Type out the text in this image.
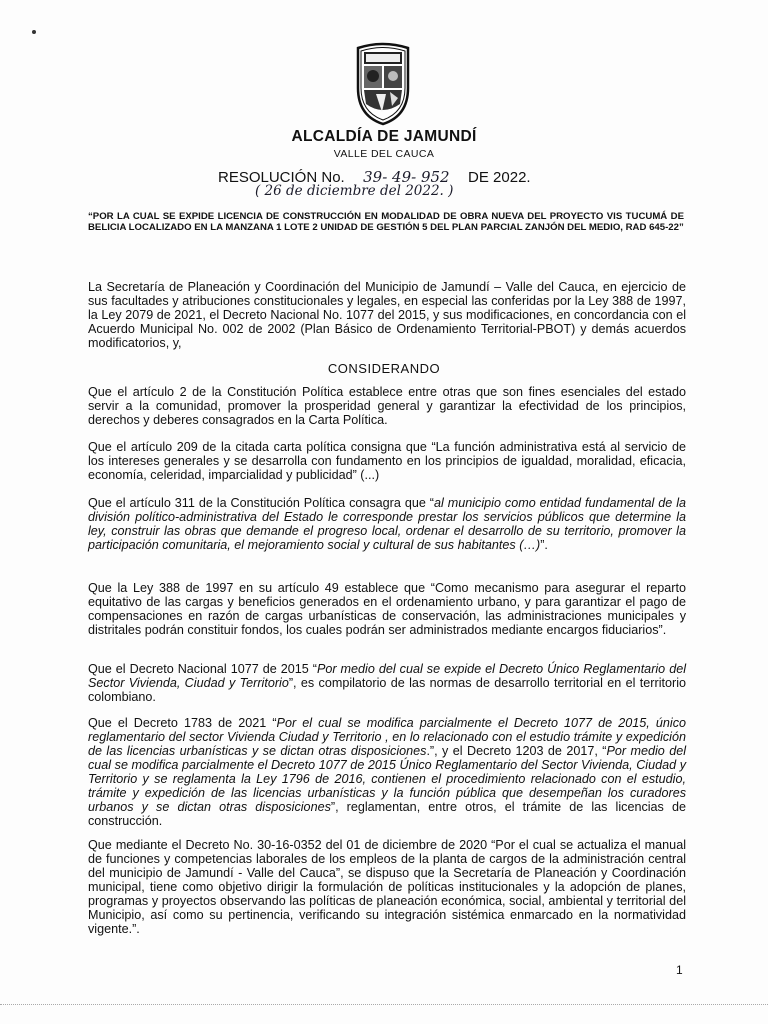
ALCALDÍA DE JAMUNDÍ
VALLE DEL CAUCA
RESOLUCIÓN No. 39- 49- 952 DE 2022.
( 26 de diciembre del 2022. )
“POR LA CUAL SE EXPIDE LICENCIA DE CONSTRUCCIÓN EN MODALIDAD DE OBRA NUEVA DEL PROYECTO VIS TUCUMÁ DE BELICIA LOCALIZADO EN LA MANZANA 1 LOTE 2 UNIDAD DE GESTIÓN 5 DEL PLAN PARCIAL ZANJÓN DEL MEDIO, RAD 645-22”
La Secretaría de Planeación y Coordinación del Municipio de Jamundí – Valle del Cauca, en ejercicio de sus facultades y atribuciones constitucionales y legales, en especial las conferidas por la Ley 388 de 1997, la Ley 2079 de 2021, el Decreto Nacional No. 1077 del 2015, y sus modificaciones, en concordancia con el Acuerdo Municipal No. 002 de 2002 (Plan Básico de Ordenamiento Territorial-PBOT) y demás acuerdos modificatorios, y,
CONSIDERANDO
Que el artículo 2 de la Constitución Política establece entre otras que son fines esenciales del estado servir a la comunidad, promover la prosperidad general y garantizar la efectividad de los principios, derechos y deberes consagrados en la Carta Política.
Que el artículo 209 de la citada carta política consigna que “La función administrativa está al servicio de los intereses generales y se desarrolla con fundamento en los principios de igualdad, moralidad, eficacia, economía, celeridad, imparcialidad y publicidad” (...)
Que el artículo 311 de la Constitución Política consagra que “al municipio como entidad fundamental de la división político-administrativa del Estado le corresponde prestar los servicios públicos que determine la ley, construir las obras que demande el progreso local, ordenar el desarrollo de su territorio, promover la participación comunitaria, el mejoramiento social y cultural de sus habitantes (…)”.
Que la Ley 388 de 1997 en su artículo 49 establece que “Como mecanismo para asegurar el reparto equitativo de las cargas y beneficios generados en el ordenamiento urbano, y para garantizar el pago de compensaciones en razón de cargas urbanísticas de conservación, las administraciones municipales y distritales podrán constituir fondos, los cuales podrán ser administrados mediante encargos fiduciarios”.
Que el Decreto Nacional 1077 de 2015 “Por medio del cual se expide el Decreto Único Reglamentario del Sector Vivienda, Ciudad y Territorio”, es compilatorio de las normas de desarrollo territorial en el territorio colombiano.
Que el Decreto 1783 de 2021 “Por el cual se modifica parcialmente el Decreto 1077 de 2015, único reglamentario del sector Vivienda Ciudad y Territorio , en lo relacionado con el estudio trámite y expedición de las licencias urbanísticas y se dictan otras disposiciones.”, y el Decreto 1203 de 2017, “Por medio del cual se modifica parcialmente el Decreto 1077 de 2015 Único Reglamentario del Sector Vivienda, Ciudad y Territorio y se reglamenta la Ley 1796 de 2016, contienen el procedimiento relacionado con el estudio, trámite y expedición de las licencias urbanísticas y la función pública que desempeñan los curadores urbanos y se dictan otras disposiciones”, reglamentan, entre otros, el trámite de las licencias de construcción.
Que mediante el Decreto No. 30-16-0352 del 01 de diciembre de 2020 “Por el cual se actualiza el manual de funciones y competencias laborales de los empleos de la planta de cargos de la administración central del municipio de Jamundí - Valle del Cauca”, se dispuso que la Secretaría de Planeación y Coordinación municipal, tiene como objetivo dirigir la formulación de políticas institucionales y la adopción de planes, programas y proyectos observando las políticas de planeación económica, social, ambiental y territorial del Municipio, así como su pertinencia, verificando su integración sistémica enmarcado en la normatividad vigente.”.
1
